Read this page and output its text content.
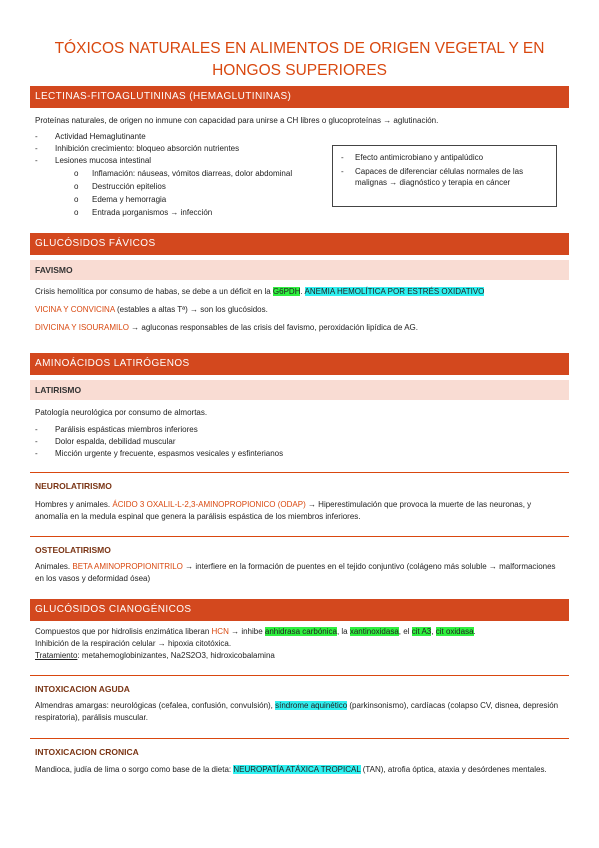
TÓXICOS NATURALES EN ALIMENTOS DE ORIGEN VEGETAL Y EN HONGOS SUPERIORES
LECTINAS-FITOAGLUTININAS (HEMAGLUTININAS)
Proteínas naturales, de origen no inmune con capacidad para unirse a CH libres o glucoproteínas → aglutinación.
- Actividad Hemaglutinante
- Inhibición crecimiento: bloqueo absorción nutrientes
- Lesiones mucosa intestinal
o Inflamación: náuseas, vómitos diarreas, dolor abdominal
o Destrucción epitelios
o Edema y hemorragia
o Entrada μorganismos → infección
- Efecto antimicrobiano y antipalúdico
- Capaces de diferenciar células normales de las malignas → diagnóstico y terapia en cáncer
GLUCÓSIDOS FÁVICOS
FAVISMO
Crisis hemolítica por consumo de habas, se debe a un déficit en la G6PDH. ANEMIA HEMOLÍTICA POR ESTRÉS OXIDATIVO
VICINA Y CONVICINA (estables a altas Tª) → son los glucósidos.
DIVICINA Y ISOURAMILO → agluconas responsables de las crisis del favismo, peroxidación lipídica de AG.
AMINOÁCIDOS LATIRÓGENOS
LATIRISMO
Patología neurológica por consumo de almortas.
- Parálisis espásticas miembros inferiores
- Dolor espalda, debilidad muscular
- Micción urgente y frecuente, espasmos vesicales y esfinterianos
NEUROLATIRISMO
Hombres y animales. ÁCIDO 3 OXALIL-L-2,3-AMINOPROPIONICO (ODAP) → Hiperestimulación que provoca la muerte de las neuronas, y anomalía en la medula espinal que genera la parálisis espástica de los miembros inferiores.
OSTEOLATIRISMO
Animales. BETA AMINOPROPIONITRILO → interfiere en la formación de puentes en el tejido conjuntivo (colágeno más soluble → malformaciones en los vasos y deformidad ósea)
GLUCÓSIDOS CIANOGÉNICOS
Compuestos que por hidrolisis enzimática liberan HCN → inhibe anhidrasa carbónica, la xantinoxidasa, el cit A3, cit oxidasa.
Inhibición de la respiración celular → hipoxia citotóxica.
Tratamiento: metahemoglobinizantes, Na2S2O3, hidroxicobalamina
INTOXICACION AGUDA
Almendras amargas: neurológicas (cefalea, confusión, convulsión), síndrome aquinético (parkinsonismo), cardíacas (colapso CV, disnea, depresión respiratoria), parálisis muscular.
INTOXICACION CRONICA
Mandioca, judía de lima o sorgo como base de la dieta: NEUROPATÍA ATÁXICA TROPICAL (TAN), atrofia óptica, ataxia y desórdenes mentales.
